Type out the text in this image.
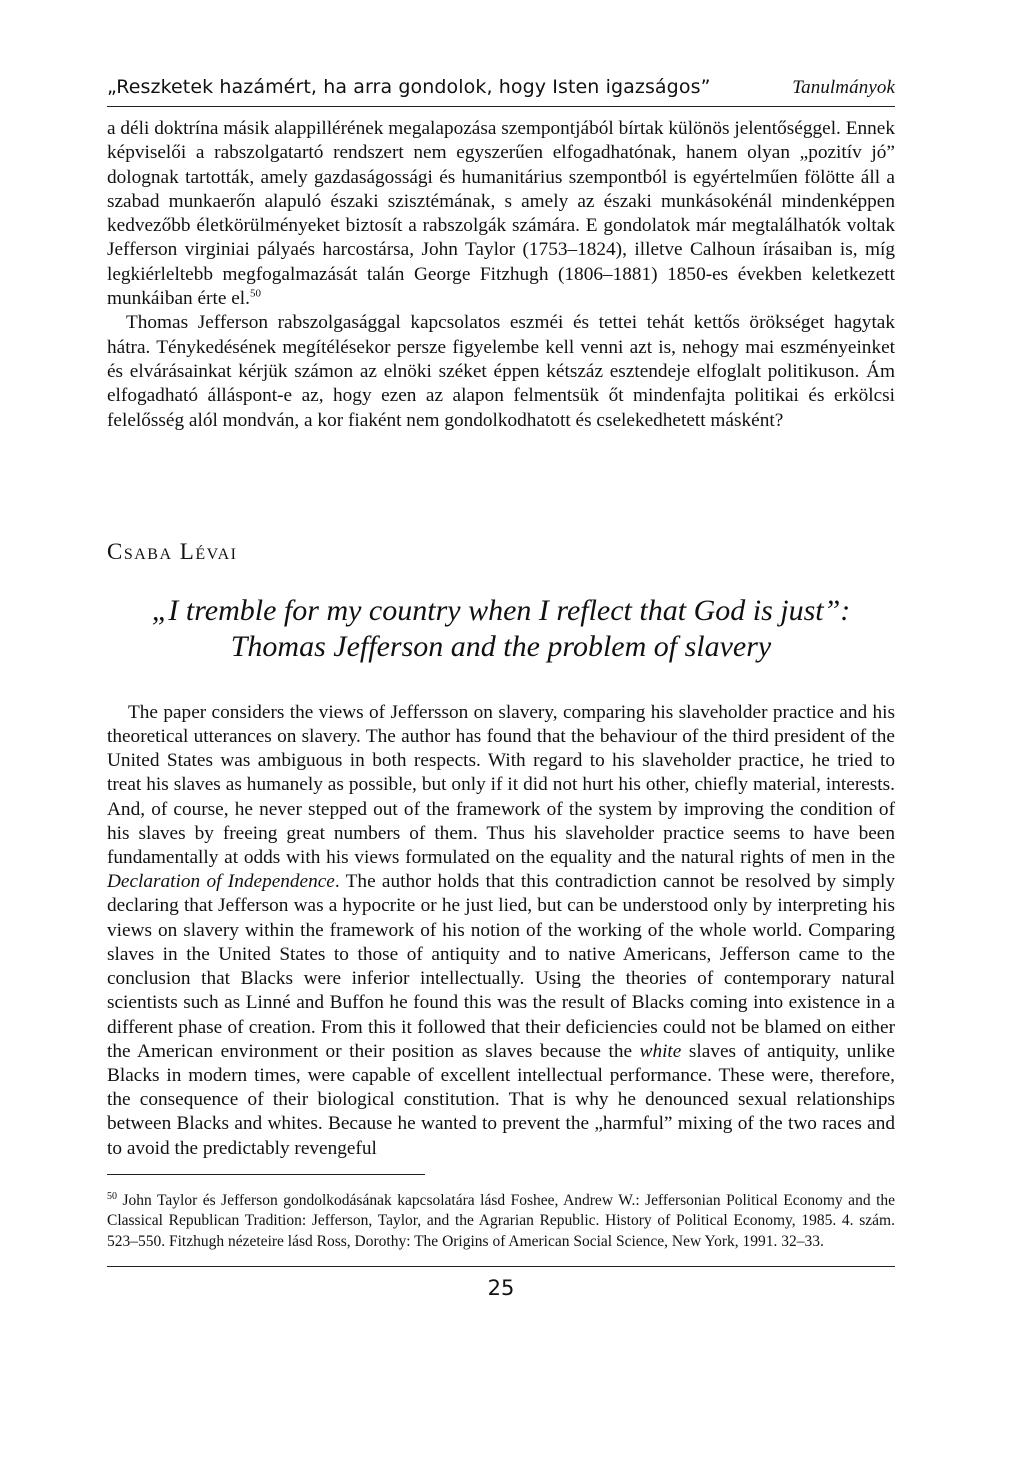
„Reszketek hazámért, ha arra gondolok, hogy Isten igazságos”	Tanulmányok

a déli doktrína másik alappillérének megalapozása szempontjából bírtak különös jelentőséggel. Ennek képviselői a rabszolgatartó rendszert nem egyszerűen elfogadhatónak, hanem olyan „pozitív jó” dolognak tartották, amely gazdaságossági és humanitárius szempontból is egyértelműen fölötte áll a szabad munkaerőn alapuló északi szisztémának, s amely az északi munkásokénál mindenképpen kedvezőbb életkörülményeket biztosít a rabszolgák számára. E gondolatok már megtalálhatók voltak Jefferson virginiai pályaés harcostársa, John Taylor (1753–1824), illetve Calhoun írásaiban is, míg legkiérleltebb megfogalmazását talán George Fitzhugh (1806–1881) 1850-es években keletkezett munkáiban érte el.$^{50}$

Thomas Jefferson rabszolgasággal kapcsolatos eszméi és tettei tehát kettős örökséget hagytak hátra. Ténykedésének megítélésekor persze figyelembe kell venni azt is, nehogy mai eszményeinket és elvárásainkat kérjük számon az elnöki széket éppen kétszáz esztendeje elfoglalt politikuson. Ám elfogadható álláspont-e az, hogy ezen az alapon felmentsük őt mindenfajta politikai és erkölcsi felelősség alól mondván, a kor fiaként nem gondolkodhatott és cselekedhetett másként?

Csaba Lévai
„I tremble for my country when I reflect that God is just”:
Thomas Jefferson and the problem of slavery

The paper considers the views of Jeffersson on slavery, comparing his slaveholder practice and his theoretical utterances on slavery. The author has found that the behaviour of the third president of the United States was ambiguous in both respects. With regard to his slaveholder practice, he tried to treat his slaves as humanely as possible, but only if it did not hurt his other, chiefly material, interests. And, of course, he never stepped out of the framework of the system by improving the condition of his slaves by freeing great numbers of them. Thus his slaveholder practice seems to have been fundamentally at odds with his views formulated on the equality and the natural rights of men in the Declaration of Independence. The author holds that this contradiction cannot be resolved by simply declaring that Jefferson was a hypocrite or he just lied, but can be understood only by interpreting his views on slavery within the framework of his notion of the working of the whole world. Comparing slaves in the United States to those of antiquity and to native Americans, Jefferson came to the conclusion that Blacks were inferior intellectually. Using the theories of contemporary natural scientists such as Linné and Buffon he found this was the result of Blacks coming into existence in a different phase of creation. From this it followed that their deficiencies could not be blamed on either the American environment or their position as slaves because the white slaves of antiquity, unlike Blacks in modern times, were capable of excellent intellectual performance. These were, therefore, the consequence of their biological constitution. That is why he denounced sexual relationships between Blacks and whites. Because he wanted to prevent the „harmful” mixing of the two races and to avoid the predictably revengeful

$^{50}$ John Taylor és Jefferson gondolkodásának kapcsolatára lásd Foshee, Andrew W.: Jeffersonian Political Economy and the Classical Republican Tradition: Jefferson, Taylor, and the Agrarian Republic. History of Political Economy, 1985. 4. szám. 523–550. Fitzhugh nézeteire lásd Ross, Dorothy: The Origins of American Social Science, New York, 1991. 32–33.
25
